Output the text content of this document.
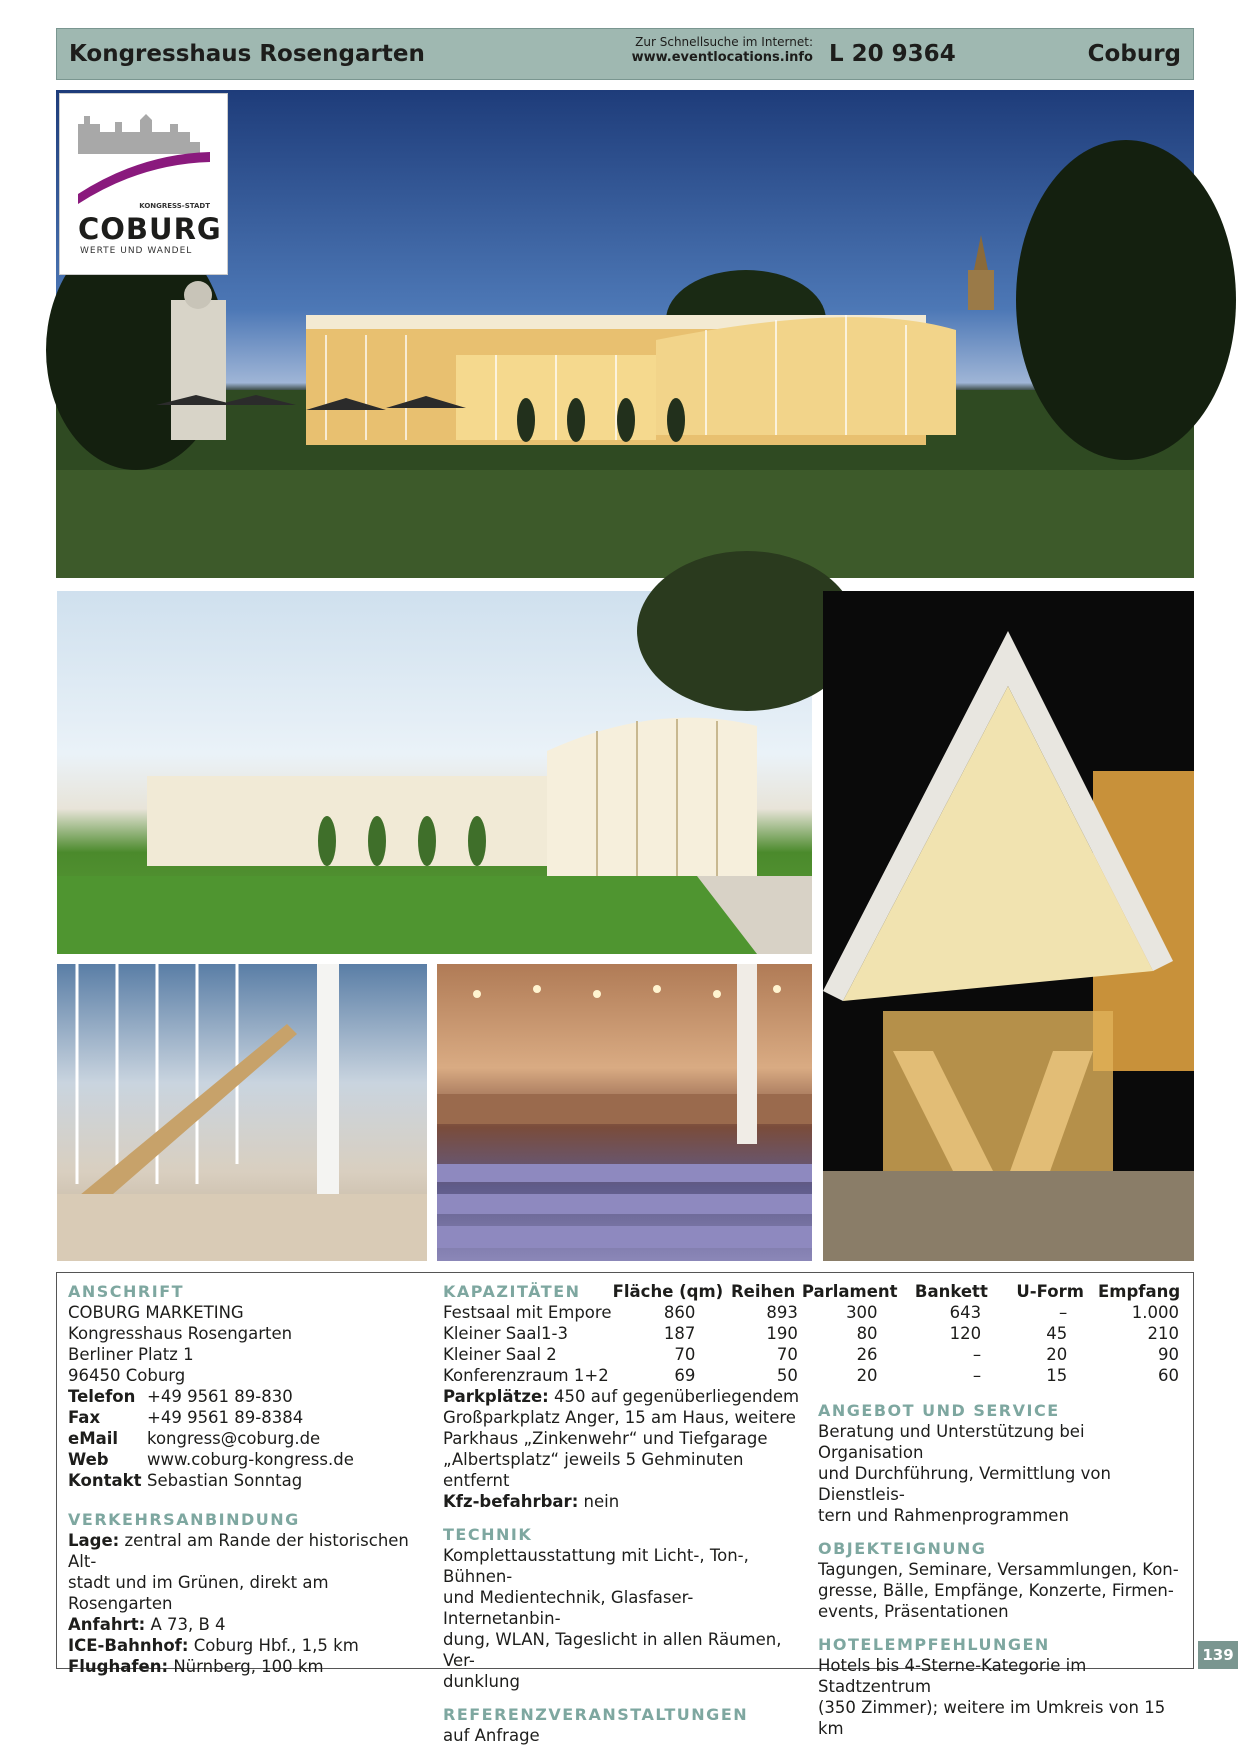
Kongresshaus Rosengarten	Zur Schnellsuche im Internet:
www.eventlocations.info L 20 9364	Coburg
KONGRESS-STADT
COBURG
WERTE UND WANDEL
ANSCHRIFT
COBURG MARKETING
Kongresshaus Rosengarten
Berliner Platz 1
96450 Coburg
Telefon +49 9561 89-830
Fax	+49 9561 89-8384
eMail	kongress@coburg.de
Web	www.coburg-kongress.de
Kontakt Sebastian Sonntag
VERKEHRSANBINDUNG
Lage: zentral am Rande der historischen Alt-
stadt und im Grünen, direkt am Rosengarten
Anfahrt: A 73, B 4
ICE-Bahnhof: Coburg Hbf., 1,5 km
Flughafen: Nürnberg, 100 km
KAPAZITÄTEN	Fläche (qm)	Reihen	Parlament	Bankett	U-Form	Empfang
Festsaal mit Empore	860	893	300	643	–	1.000
Kleiner Saal1-3	187	190	80	120	45	210
Kleiner Saal 2	70	70	26	–	20	90
Konferenzraum 1+2	69	50	20	–	15	60
Parkplätze: 450 auf gegenüberliegendem
Großparkplatz Anger, 15 am Haus, weitere
Parkhaus „Zinkenwehr“ und Tiefgarage
„Albertsplatz“ jeweils 5 Gehminuten entfernt
Kfz-befahrbar: nein
TECHNIK
Komplettausstattung mit Licht-, Ton-, Bühnen-
und Medientechnik, Glasfaser-Internetanbin-
dung, WLAN, Tageslicht in allen Räumen, Ver-
dunklung
REFERENZVERANSTALTUNGEN
auf Anfrage
ANGEBOT UND SERVICE
Beratung und Unterstützung bei Organisation
und Durchführung, Vermittlung von Dienstleis-
tern und Rahmenprogrammen
OBJEKTEIGNUNG
Tagungen, Seminare, Versammlungen, Kon-
gresse, Bälle, Empfänge, Konzerte, Firmen-
events, Präsentationen
HOTELEMPFEHLUNGEN
Hotels bis 4-Sterne-Kategorie im Stadtzentrum
(350 Zimmer); weitere im Umkreis von 15 km
139
